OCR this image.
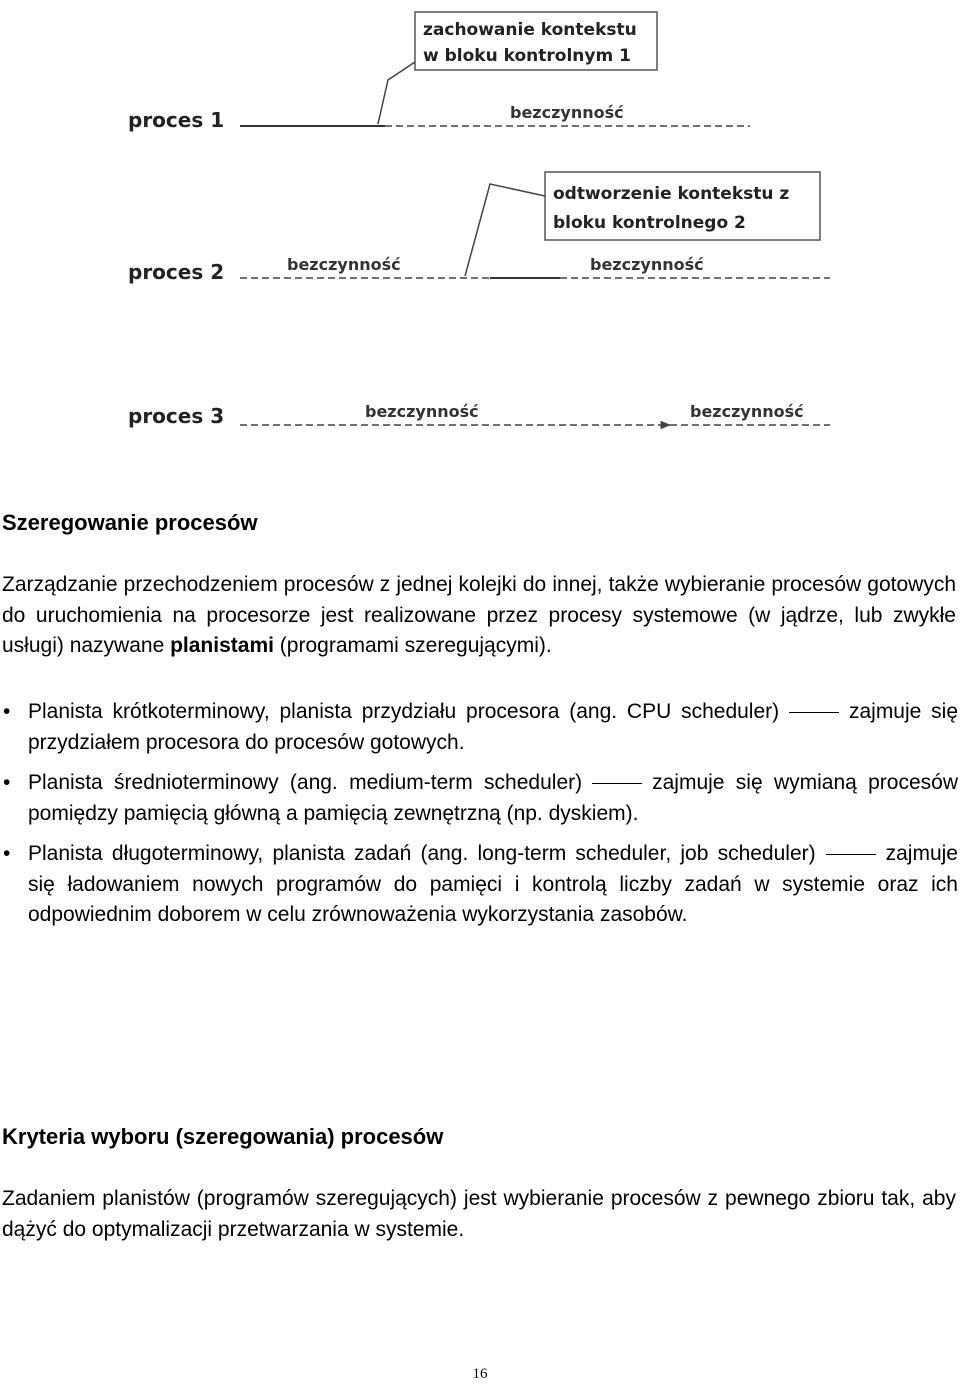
proces 1
proces 2
proces 3
bezczynność
zachowanie kontekstu
w bloku kontrolnym 1
bezczynność	bezczynność
odtworzenie kontekstu z
bloku kontrolnego 2
bezczynność	bezczynność
Szeregowanie procesów

Zarządzanie przechodzeniem procesów z jednej kolejki do innej, także wybieranie procesów gotowych do uruchomienia na procesorze jest realizowane przez procesy systemowe (w jądrze, lub zwykłe usługi) nazywane planistami (programami szeregującymi).

• Planista krótkoterminowy, planista przydziału procesora (ang. CPU scheduler)	zajmuje się przydziałem procesora do procesów gotowych.
• Planista średnioterminowy (ang. medium-term scheduler)	zajmuje się wymianą procesów pomiędzy pamięcią główną a pamięcią zewnętrzną (np. dyskiem).
• Planista długoterminowy, planista zadań (ang. long-term scheduler, job scheduler)	zajmuje się ładowaniem nowych programów do pamięci i kontrolą liczby zadań w systemie oraz ich odpowiednim doborem w celu zrównoważenia wykorzystania zasobów.
Kryteria wyboru (szeregowania) procesów

Zadaniem planistów (programów szeregujących) jest wybieranie procesów z pewnego zbioru tak, aby dążyć do optymalizacji przetwarzania w systemie.

16
